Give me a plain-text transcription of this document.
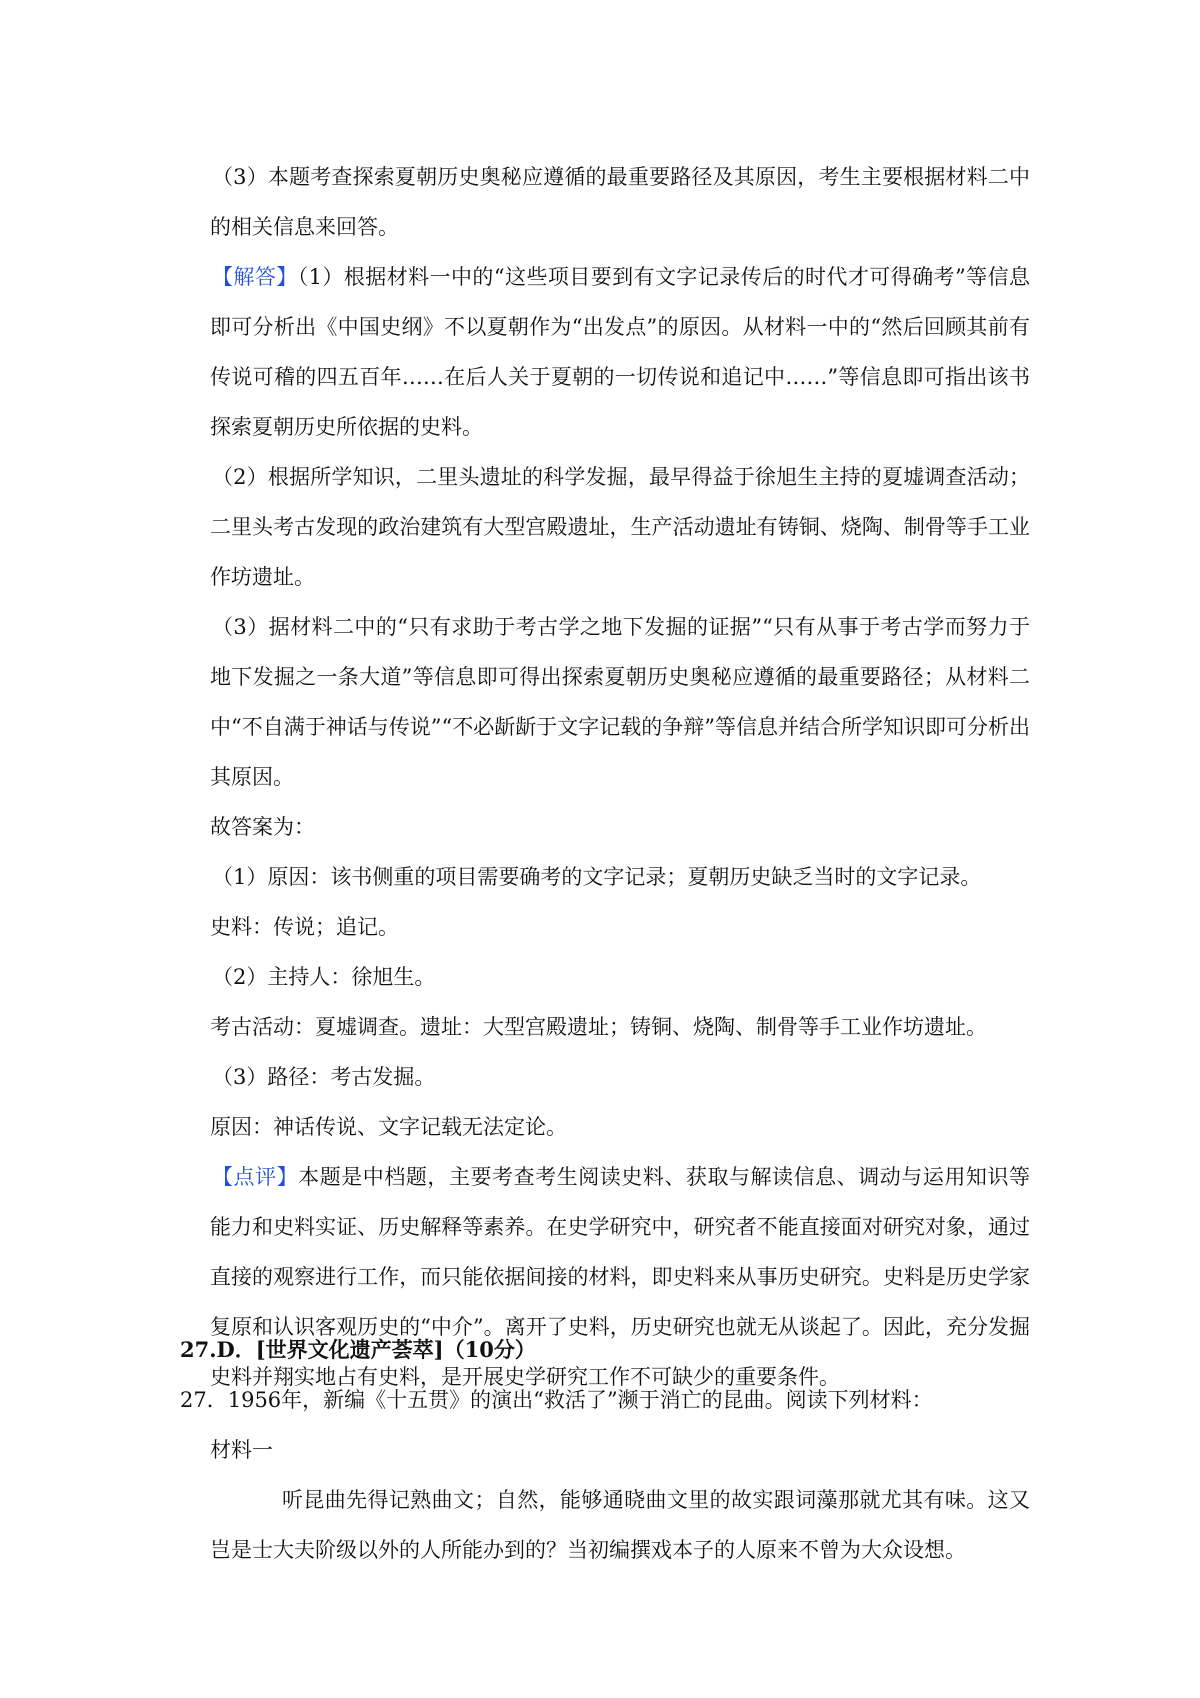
（3）本题考查探索夏朝历史奥秘应遵循的最重要路径及其原因，考生主要根据材料二中的相关信息来回答。

【解答】（1）根据材料一中的“这些项目要到有文字记录传后的时代才可得确考”等信息即可分析出《中国史纲》不以夏朝作为“出发点”的原因。从材料一中的“然后回顾其前有传说可稽的四五百年……在后人关于夏朝的一切传说和追记中……”等信息即可指出该书探索夏朝历史所依据的史料。

（2）根据所学知识，二里头遗址的科学发掘，最早得益于徐旭生主持的夏墟调查活动；二里头考古发现的政治建筑有大型宫殿遗址，生产活动遗址有铸铜、烧陶、制骨等手工业作坊遗址。

（3）据材料二中的“只有求助于考古学之地下发掘的证据”“只有从事于考古学而努力于地下发掘之一条大道”等信息即可得出探索夏朝历史奥秘应遵循的最重要路径；从材料二中“不自满于神话与传说”“不必龂龂于文字记载的争辩”等信息并结合所学知识即可分析出其原因。

故答案为：

（1）原因：该书侧重的项目需要确考的文字记录；夏朝历史缺乏当时的文字记录。

史料：传说；追记。

（2）主持人：徐旭生。

考古活动：夏墟调查。遗址：大型宫殿遗址；铸铜、烧陶、制骨等手工业作坊遗址。

（3）路径：考古发掘。

原因：神话传说、文字记载无法定论。

【点评】本题是中档题，主要考查考生阅读史料、获取与解读信息、调动与运用知识等能力和史料实证、历史解释等素养。在史学研究中，研究者不能直接面对研究对象，通过直接的观察进行工作，而只能依据间接的材料，即史料来从事历史研究。史料是历史学家复原和认识客观历史的“中介”。离开了史料，历史研究也就无从谈起了。因此，充分发掘史料并翔实地占有史料，是开展史学研究工作不可缺少的重要条件。

27.D．[世界文化遗产荟萃]（10分）
27．1956年，新编《十五贯》的演出“救活了”濒于消亡的昆曲。阅读下列材料：

材料一

听昆曲先得记熟曲文；自然，能够通晓曲文里的故实跟词藻那就尤其有味。这又岂是士大夫阶级以外的人所能办到的？当初编撰戏本子的人原来不曾为大众设想。
